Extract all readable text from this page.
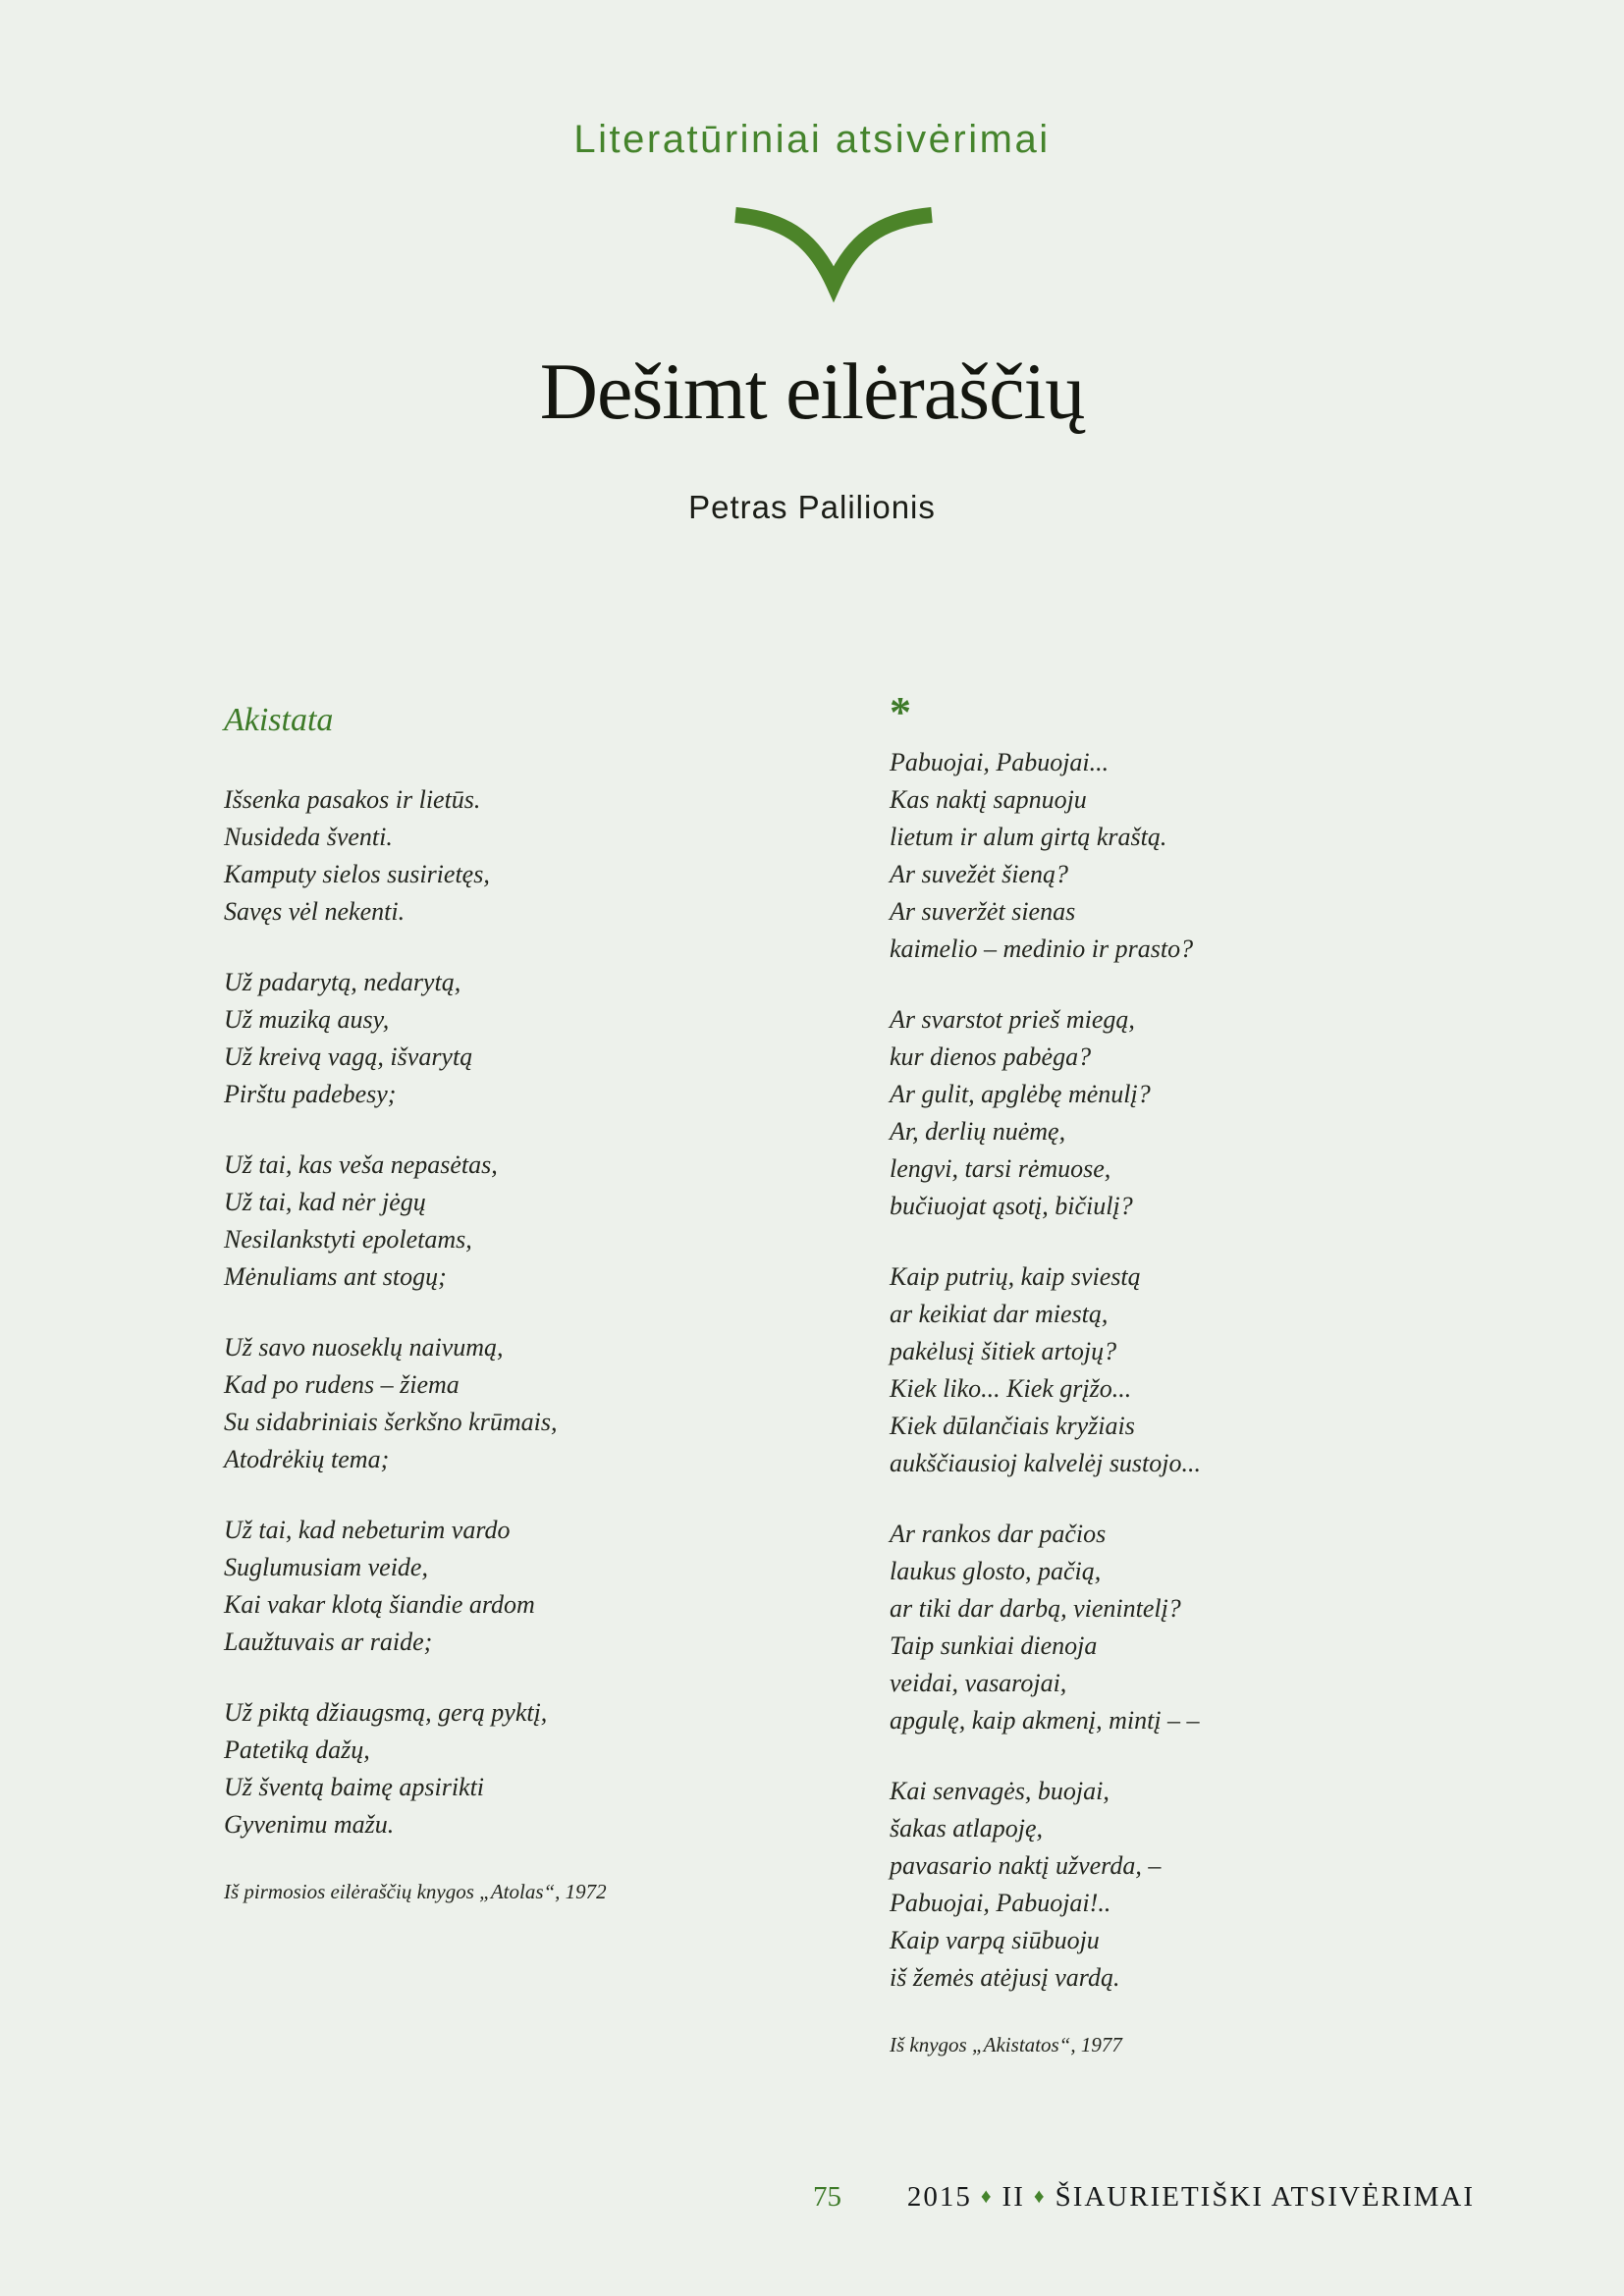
Literatūriniai atsivėrimai
Dešimt eilėraščių
Petras Palilionis
Akistata

Išsenka pasakos ir lietūs.
Nusideda šventi.
Kamputy sielos susirietęs,
Savęs vėl nekenti.

Už padarytą, nedarytą,
Už muziką ausy,
Už kreivą vagą, išvarytą
Pirštu padebesy;

Už tai, kas veša nepasėtas,
Už tai, kad nėr jėgų
Nesilankstyti epoletams,
Mėnuliams ant stogų;

Už savo nuoseklų naivumą,
Kad po rudens – žiema
Su sidabriniais šerkšno krūmais,
Atodrėkių tema;

Už tai, kad nebeturim vardo
Suglumusiam veide,
Kai vakar klotą šiandie ardom
Laužtuvais ar raide;

Už piktą džiaugsmą, gerą pyktį,
Patetiką dažų,
Už šventą baimę apsirikti
Gyvenimu mažu.

Iš pirmosios eilėraščių knygos „Atolas“, 1972
*

Pabuojai, Pabuojai...
Kas naktį sapnuoju
lietum ir alum girtą kraštą.
Ar suvežėt šieną?
Ar suveržėt sienas
kaimelio – medinio ir prasto?

Ar svarstot prieš miegą,
kur dienos pabėga?
Ar gulit, apglėbę mėnulį?
Ar, derlių nuėmę,
lengvi, tarsi rėmuose,
bučiuojat ąsotį, bičiulį?

Kaip putrių, kaip sviestą
ar keikiat dar miestą,
pakėlusį šitiek artojų?
Kiek liko... Kiek grįžo...
Kiek dūlančiais kryžiais
aukščiausioj kalvelėj sustojo...

Ar rankos dar pačios
laukus glosto, pačią,
ar tiki dar darbą, vienintelį?
Taip sunkiai dienoja
veidai, vasarojai,
apgulę, kaip akmenį, mintį – –

Kai senvagės, buojai,
šakas atlapoję,
pavasario naktį užverda, –
Pabuojai, Pabuojai!..
Kaip varpą siūbuoju
iš žemės atėjusį vardą.

Iš knygos „Akistatos“, 1977
75 2015 ♦ II ♦ ŠIAURIETIŠKI ATSIVĖRIMAI
